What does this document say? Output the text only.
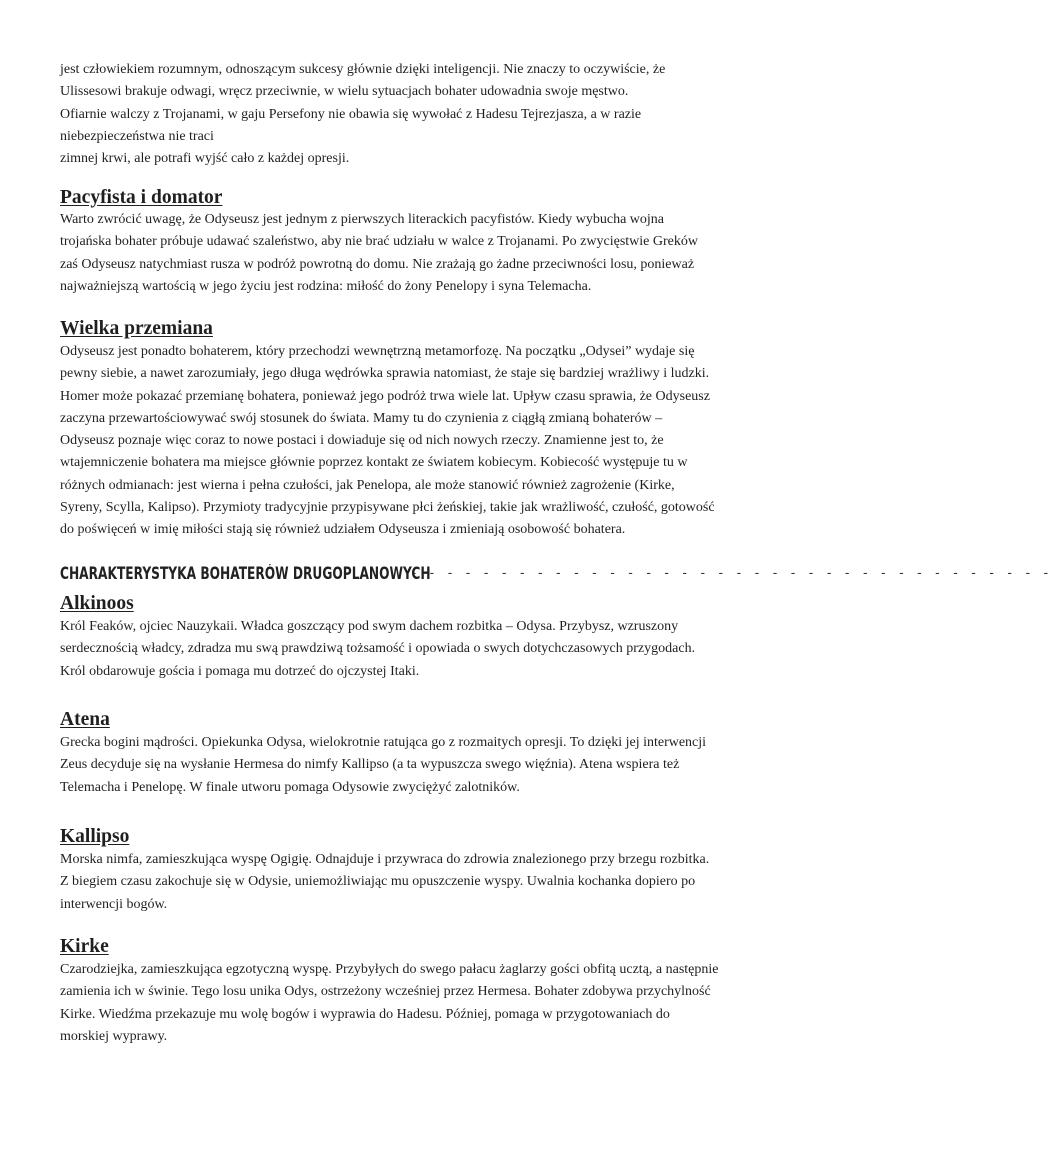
jest człowiekiem rozumnym, odnoszącym sukcesy głównie dzięki inteligencji. Nie znaczy to oczywiście, że
Ulissesowi brakuje odwagi, wręcz przeciwnie, w wielu sytuacjach bohater udowadnia swoje męstwo.
Ofiarnie walczy z Trojanami, w gaju Persefony nie obawia się wywołać z Hadesu Tejrezjasza, a w razie
niebezpieczeństwa nie traci
zimnej krwi, ale potrafi wyjść cało z każdej opresji.

Pacyfista i domator

Warto zwrócić uwagę, że Odyseusz jest jednym z pierwszych literackich pacyfistów. Kiedy wybucha wojna
trojańska bohater próbuje udawać szaleństwo, aby nie brać udziału w walce z Trojanami. Po zwycięstwie Greków
zaś Odyseusz natychmiast rusza w podróż powrotną do domu. Nie zrażają go żadne przeciwności losu, ponieważ
najważniejszą wartością w jego życiu jest rodzina: miłość do żony Penelopy i syna Telemacha.

Wielka przemiana

Odyseusz jest ponadto bohaterem, który przechodzi wewnętrzną metamorfozę. Na początku „Odysei” wydaje się
pewny siebie, a nawet zarozumiały, jego długa wędrówka sprawia natomiast, że staje się bardziej wrażliwy i ludzki.
Homer może pokazać przemianę bohatera, ponieważ jego podróż trwa wiele lat. Upływ czasu sprawia, że Odyseusz
zaczyna przewartościowywać swój stosunek do świata. Mamy tu do czynienia z ciągłą zmianą bohaterów –
Odyseusz poznaje więc coraz to nowe postaci i dowiaduje się od nich nowych rzeczy. Znamienne jest to, że
wtajemniczenie bohatera ma miejsce głównie poprzez kontakt ze światem kobiecym. Kobiecość występuje tu w
różnych odmianach: jest wierna i pełna czułości, jak Penelopa, ale może stanowić również zagrożenie (Kirke,
Syreny, Scylla, Kalipso). Przymioty tradycyjnie przypisywane płci żeńskiej, takie jak wrażliwość, czułość, gotowość
do poświęceń w imię miłości stają się również udziałem Odyseusza i zmieniają osobowość bohatera.

CHARAKTERYSTYKA BOHATERÓW DRUGOPLANOWYCH
- - - - - - - - - - - - - - - - - - - - - - - - - - - - - - - - - - - -
Alkinoos

Król Feaków, ojciec Nauzykaii. Władca goszczący pod swym dachem rozbitka – Odysa. Przybysz, wzruszony
serdecznością władcy, zdradza mu swą prawdziwą tożsamość i opowiada o swych dotychczasowych przygodach.
Król obdarowuje gościa i pomaga mu dotrzeć do ojczystej Itaki.

Atena

Grecka bogini mądrości. Opiekunka Odysa, wielokrotnie ratująca go z rozmaitych opresji. To dzięki jej interwencji
Zeus decyduje się na wysłanie Hermesa do nimfy Kallipso (a ta wypuszcza swego więźnia). Atena wspiera też
Telemacha i Penelopę. W finale utworu pomaga Odysowie zwyciężyć zalotników.

Kallipso

Morska nimfa, zamieszkująca wyspę Ogigię. Odnajduje i przywraca do zdrowia znalezionego przy brzegu rozbitka.
Z biegiem czasu zakochuje się w Odysie, uniemożliwiając mu opuszczenie wyspy. Uwalnia kochanka dopiero po
interwencji bogów.

Kirke

Czarodziejka, zamieszkująca egzotyczną wyspę. Przybyłych do swego pałacu żaglarzy gości obfitą ucztą, a następnie
zamienia ich w świnie. Tego losu unika Odys, ostrzeżony wcześniej przez Hermesa. Bohater zdobywa przychylność
Kirke. Wiedźma przekazuje mu wolę bogów i wyprawia do Hadesu. Później, pomaga w przygotowaniach do
morskiej wyprawy.
